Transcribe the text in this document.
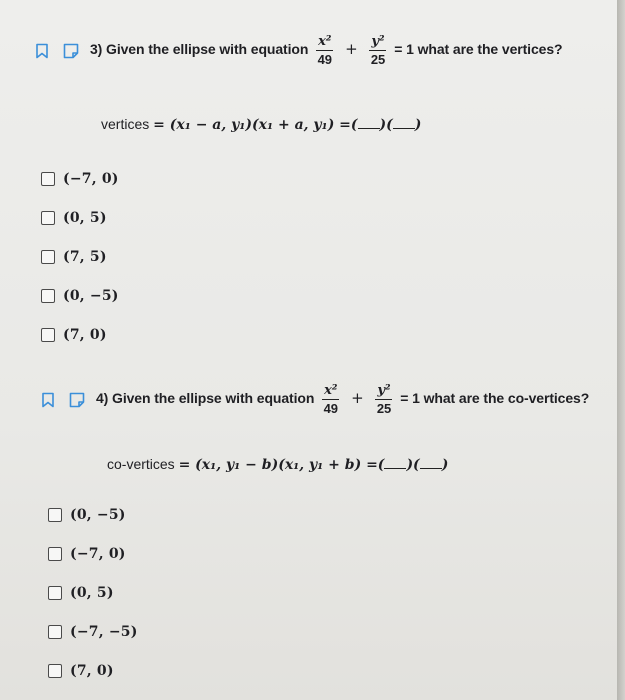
3) Given the ellipse with equation $\frac{\text{x²}}{49} + \frac{\text{y²}}{25} = 1$ what are the vertices?
vertices = (x₁ − a, y₁)(x₁ + a, y₁) =( )( )
(−7, 0)
(0, 5)
(7, 5)
(0, −5)
(7, 0)
4) Given the ellipse with equation $\frac{\text{x²}}{49} + \frac{\text{y²}}{25} = 1$ what are the co-vertices?
co-vertices = (x₁, y₁ − b)(x₁, y₁ + b) =( )( )
(0, −5)
(−7, 0)
(0, 5)
(−7, −5)
(7, 0)
